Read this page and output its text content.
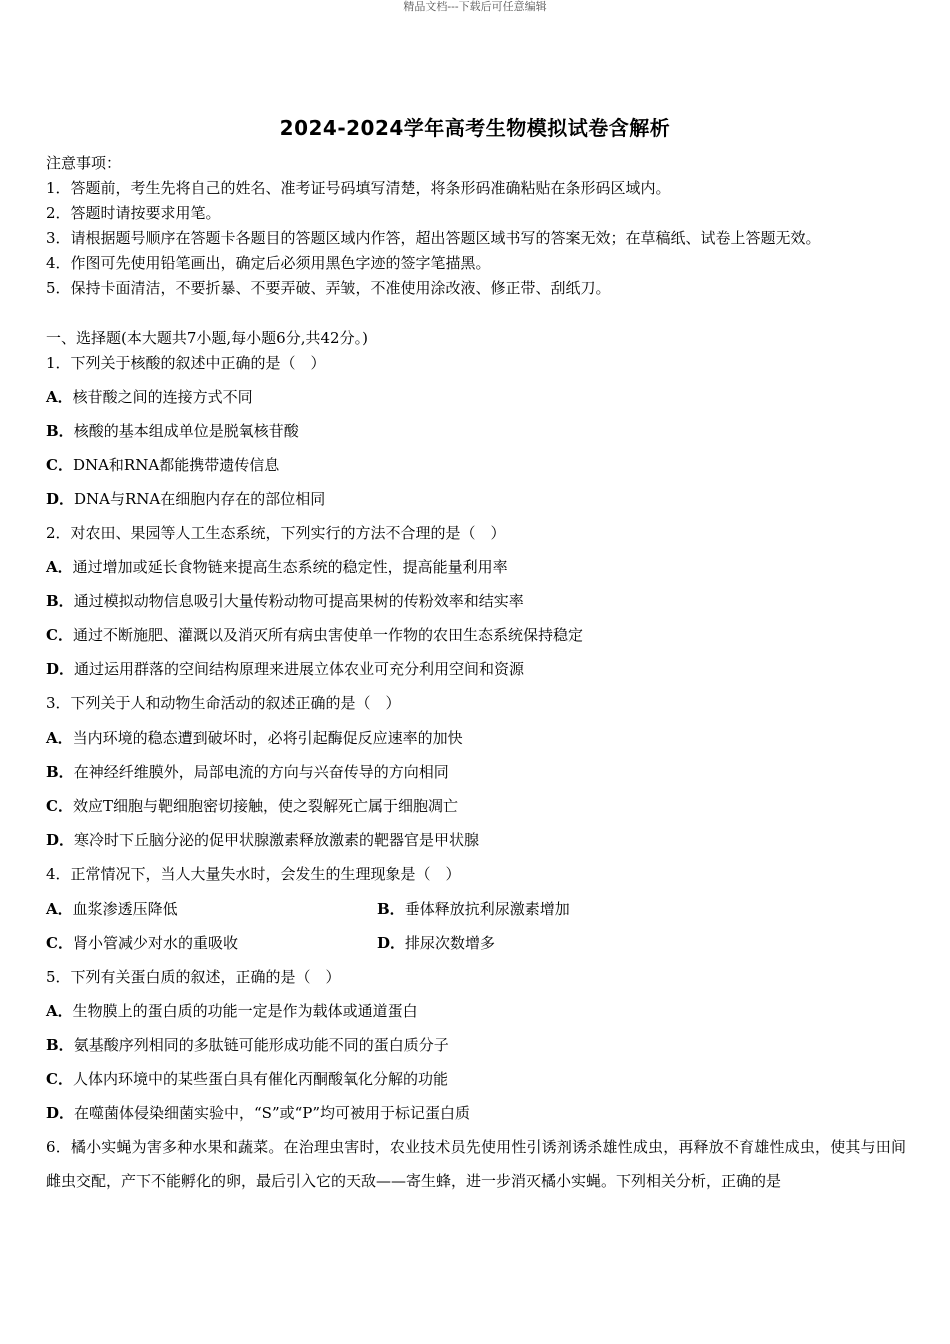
精品文档---下载后可任意编辑
2024-2024学年高考生物模拟试卷含解析
注意事项：
1．答题前，考生先将自己的姓名、准考证号码填写清楚，将条形码准确粘贴在条形码区域内。
2．答题时请按要求用笔。
3．请根据题号顺序在答题卡各题目的答题区域内作答，超出答题区域书写的答案无效；在草稿纸、试卷上答题无效。
4．作图可先使用铅笔画出，确定后必须用黑色字迹的签字笔描黑。
5．保持卡面清洁，不要折暴、不要弄破、弄皱，不准使用涂改液、修正带、刮纸刀。
一、选择题(本大题共7小题,每小题6分,共42分。)
1．下列关于核酸的叙述中正确的是（　）
A．核苷酸之间的连接方式不同
B．核酸的基本组成单位是脱氧核苷酸
C．DNA和RNA都能携带遗传信息
D．DNA与RNA在细胞内存在的部位相同
2．对农田、果园等人工生态系统，下列实行的方法不合理的是（　）
A．通过增加或延长食物链来提高生态系统的稳定性，提高能量利用率
B．通过模拟动物信息吸引大量传粉动物可提高果树的传粉效率和结实率
C．通过不断施肥、灌溉以及消灭所有病虫害使单一作物的农田生态系统保持稳定
D．通过运用群落的空间结构原理来进展立体农业可充分利用空间和资源
3．下列关于人和动物生命活动的叙述正确的是（　）
A．当内环境的稳态遭到破坏时，必将引起酶促反应速率的加快
B．在神经纤维膜外，局部电流的方向与兴奋传导的方向相同
C．效应T细胞与靶细胞密切接触，使之裂解死亡属于细胞凋亡
D．寒冷时下丘脑分泌的促甲状腺激素释放激素的靶器官是甲状腺
4．正常情况下，当人大量失水时，会发生的生理现象是（　）
A．血浆渗透压降低	B．垂体释放抗利尿激素增加
C．肾小管减少对水的重吸收	D．排尿次数增多
5．下列有关蛋白质的叙述，正确的是（　）
A．生物膜上的蛋白质的功能一定是作为载体或通道蛋白
B．氨基酸序列相同的多肽链可能形成功能不同的蛋白质分子
C．人体内环境中的某些蛋白具有催化丙酮酸氧化分解的功能
D．在噬菌体侵染细菌实验中，“S”或“P”均可被用于标记蛋白质
6．橘小实蝇为害多种水果和蔬菜。在治理虫害时，农业技术员先使用性引诱剂诱杀雄性成虫，再释放不育雄性成虫，使其与田间雌虫交配，产下不能孵化的卵，最后引入它的天敌——寄生蜂，进一步消灭橘小实蝇。下列相关分析，正确的是
